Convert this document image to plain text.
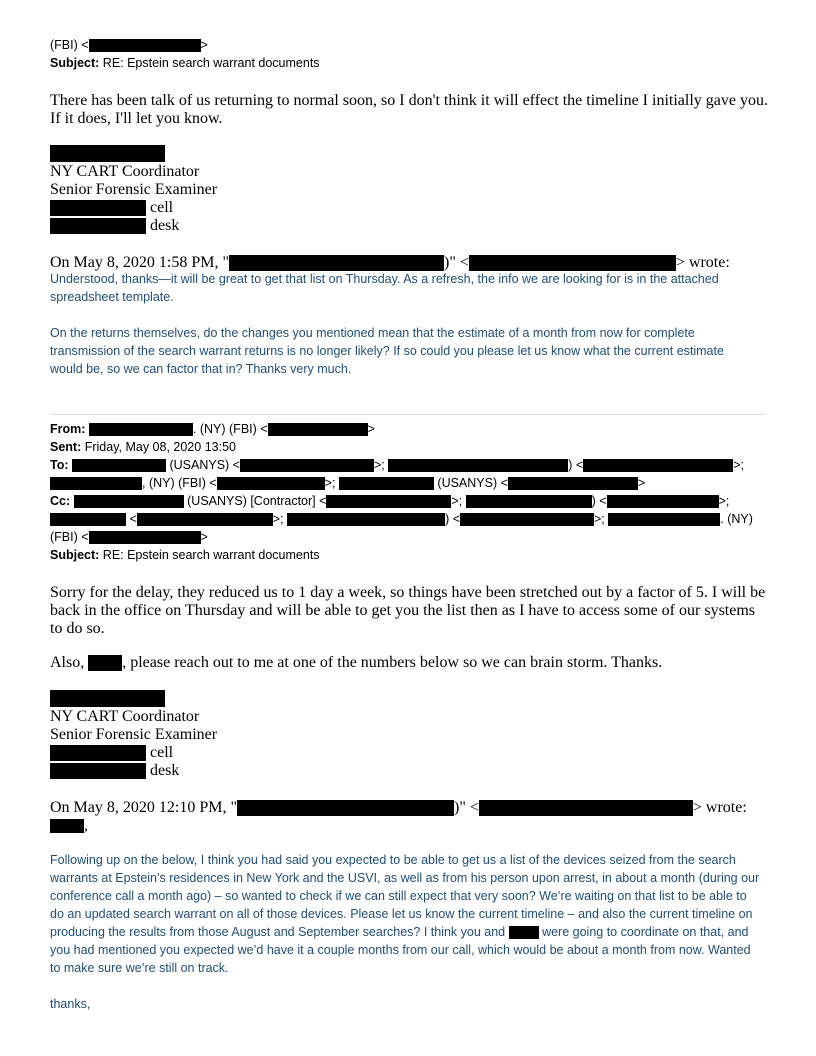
(FBI) <	>
Subject: RE: Epstein search warrant documents
There has been talk of us returning to normal soon, so I don't think it will effect the timeline I initially gave you. If it does, I'll let you know.
NY CART Coordinator
Senior Forensic Examiner
cell
desk
On May 8, 2020 1:58 PM, "	)" <	> wrote:
Understood, thanks—it will be great to get that list on Thursday. As a refresh, the info we are looking for is in the attached spreadsheet template.
On the returns themselves, do the changes you mentioned mean that the estimate of a month from now for complete transmission of the search warrant returns is no longer likely? If so could you please let us know what the current estimate would be, so we can factor that in? Thanks very much.
From:	. (NY) (FBI) <	>
Sent: Friday, May 08, 2020 13:50
To:	(USANYS) <	>;	) <	>;
, (NY) (FBI) <	>;	(USANYS) <	>
Cc:	(USANYS) [Contractor] <	>;	) <	>;
<	>;	) <	>;	. (NY)
(FBI) <	>
Subject: RE: Epstein search warrant documents
Sorry for the delay, they reduced us to 1 day a week, so things have been stretched out by a factor of 5. I will be back in the office on Thursday and will be able to get you the list then as I have to access some of our systems to do so.
Also, , please reach out to me at one of the numbers below so we can brain storm. Thanks.
NY CART Coordinator
Senior Forensic Examiner
cell
desk
On May 8, 2020 12:10 PM, "	)" <	> wrote:
,
Following up on the below, I think you had said you expected to be able to get us a list of the devices seized from the search warrants at Epstein’s residences in New York and the USVI, as well as from his person upon arrest, in about a month (during our conference call a month ago) – so wanted to check if we can still expect that very soon? We’re waiting on that list to be able to do an updated search warrant on all of those devices. Please let us know the current timeline – and also the current timeline on producing the results from those August and September searches? I think you and  were going to coordinate on that, and you had mentioned you expected we’d have it a couple months from our call, which would be about a month from now. Wanted to make sure we’re still on track.
thanks,
